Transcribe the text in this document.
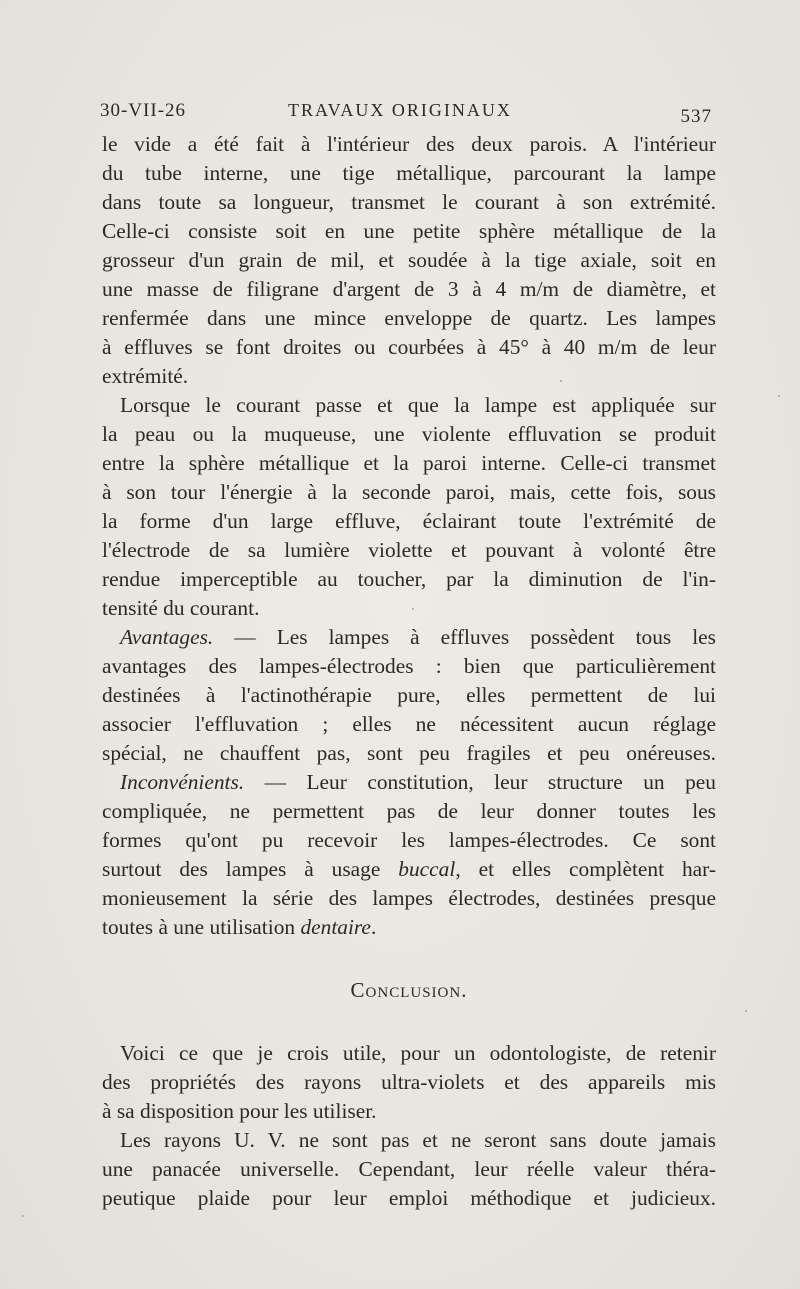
30-VII-26	TRAVAUX ORIGINAUX	537
le vide a été fait à l'intérieur des deux parois. A l'intérieur
du tube interne, une tige métallique, parcourant la lampe
dans toute sa longueur, transmet le courant à son extrémité.
Celle-ci consiste soit en une petite sphère métallique de la
grosseur d'un grain de mil, et soudée à la tige axiale, soit en
une masse de filigrane d'argent de 3 à 4 m/m de diamètre, et
renfermée dans une mince enveloppe de quartz. Les lampes
à effluves se font droites ou courbées à 45° à 40 m/m de leur
extrémité.
Lorsque le courant passe et que la lampe est appliquée sur
la peau ou la muqueuse, une violente effluvation se produit
entre la sphère métallique et la paroi interne. Celle-ci transmet
à son tour l'énergie à la seconde paroi, mais, cette fois, sous
la forme d'un large effluve, éclairant toute l'extrémité de
l'électrode de sa lumière violette et pouvant à volonté être
rendue imperceptible au toucher, par la diminution de l'in-
tensité du courant.
Avantages. — Les lampes à effluves possèdent tous les
avantages des lampes-électrodes : bien que particulièrement
destinées à l'actinothérapie pure, elles permettent de lui
associer l'effluvation ; elles ne nécessitent aucun réglage
spécial, ne chauffent pas, sont peu fragiles et peu onéreuses.
Inconvénients. — Leur constitution, leur structure un peu
compliquée, ne permettent pas de leur donner toutes les
formes qu'ont pu recevoir les lampes-électrodes. Ce sont
surtout des lampes à usage buccal, et elles complètent har-
monieusement la série des lampes électrodes, destinées presque
toutes à une utilisation dentaire.
Conclusion.
Voici ce que je crois utile, pour un odontologiste, de retenir
des propriétés des rayons ultra-violets et des appareils mis
à sa disposition pour les utiliser.
Les rayons U. V. ne sont pas et ne seront sans doute jamais
une panacée universelle. Cependant, leur réelle valeur théra-
peutique plaide pour leur emploi méthodique et judicieux.
